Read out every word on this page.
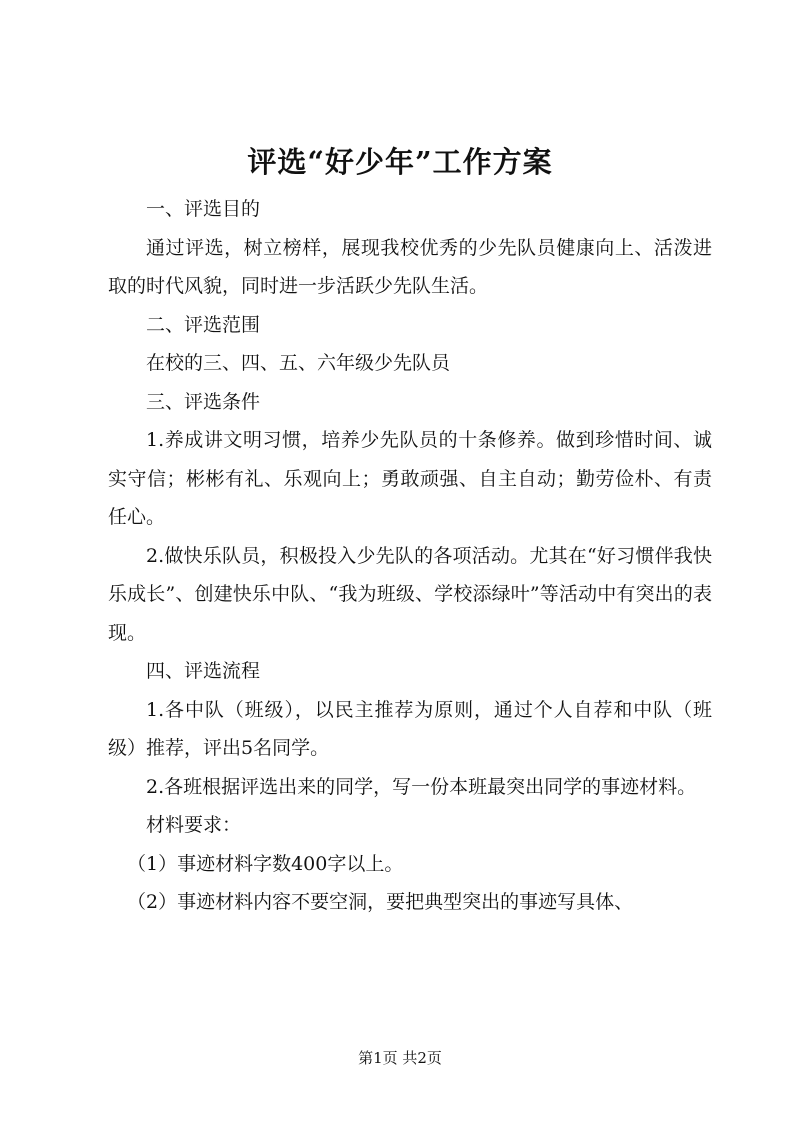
评选“好少年”工作方案

一、评选目的

通过评选，树立榜样，展现我校优秀的少先队员健康向上、活泼进取的时代风貌，同时进一步活跃少先队生活。

二、评选范围

在校的三、四、五、六年级少先队员

三、评选条件

1.养成讲文明习惯，培养少先队员的十条修养。做到珍惜时间、诚实守信；彬彬有礼、乐观向上；勇敢顽强、自主自动；勤劳俭朴、有责任心。

2.做快乐队员，积极投入少先队的各项活动。尤其在“好习惯伴我快乐成长”、创建快乐中队、“我为班级、学校添绿叶”等活动中有突出的表现。

四、评选流程

1.各中队（班级），以民主推荐为原则，通过个人自荐和中队（班级）推荐，评出5名同学。

2.各班根据评选出来的同学，写一份本班最突出同学的事迹材料。

材料要求：

（1）事迹材料字数400字以上。

（2）事迹材料内容不要空洞，要把典型突出的事迹写具体、

第1页 共2页
